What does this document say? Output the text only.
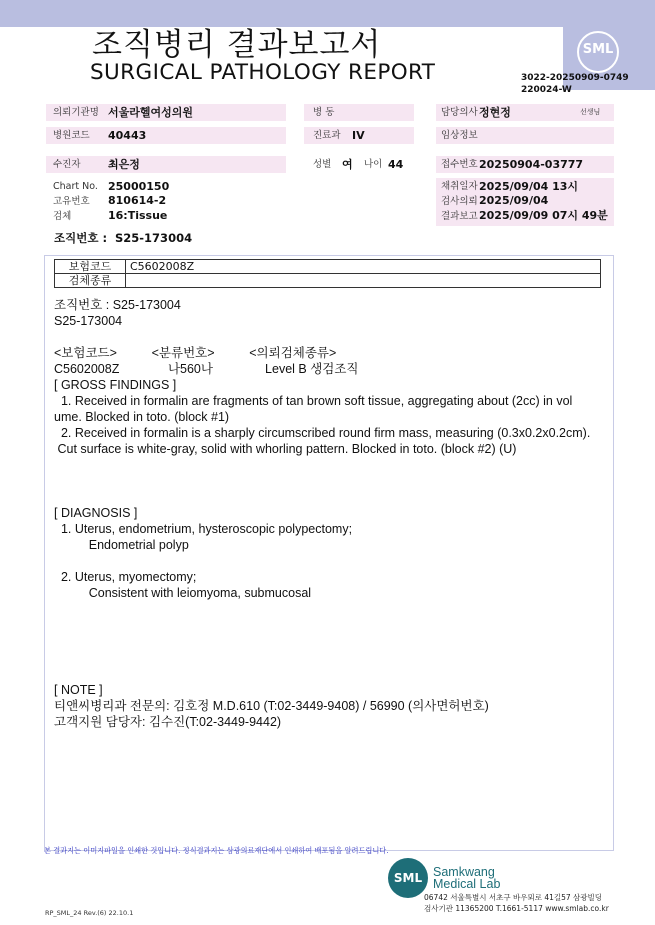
조직병리 결과보고서
SURGICAL PATHOLOGY REPORT
SML
3022-20250909-0749
220024-W
의뢰기관명 서울라헬여성의원	병 동	담당의사 정현정	선생님
병원코드 40443	진료과 IV	임상정보
수진자 최은정	성별 여 나이 44	접수번호 20250904-03777
Chart No. 25000150
고유번호 810614-2
검체	16:Tissue
채취일자 2025/09/04 13시
검사의뢰 2025/09/04
결과보고 2025/09/09 07시 49분
조직번호 : S25-173004
보험코드	C5602008Z
검체종류	
조직번호 : S25-173004
S25-173004
<보험코드>          <분류번호>          <의뢰검체종류>
C5602008Z              나560나               Level B 생검조직
[ GROSS FINDINGS ]
1. Received in formalin are fragments of tan brown soft tissue, aggregating about (2cc) in vol
ume. Blocked in toto. (block #1)
2. Received in formalin is a sharply circumscribed round firm mass, measuring (0.3x0.2x0.2cm).
Cut surface is white-gray, solid with whorling pattern. Blocked in toto. (block #2) (U)
[ DIAGNOSIS ]
1. Uterus, endometrium, hysteroscopic polypectomy;
Endometrial polyp
2. Uterus, myomectomy;
Consistent with leiomyoma, submucosal
[ NOTE ]
티앤씨병리과 전문의: 김호정 M.D.610 (T:02-3449-9408) / 56990 (의사면허번호)
고객지원 담당자: 김수진(T:02-3449-9442)
본 결과지는 이미지파일을 인쇄한 것입니다. 정식결과지는 삼광의료재단에서 인쇄하여 배포됨을 알려드립니다.
RP_SML_24 Rev.(6) 22.10.1
SML Samkwang
Medical Lab
06742 서울특별시 서초구 바우뫼로 41길57 삼광빌딩
검사기관 11365200 T.1661-5117 www.smlab.co.kr
